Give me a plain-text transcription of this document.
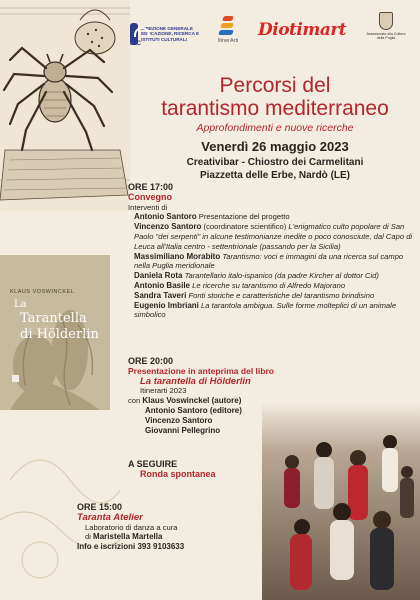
KLAUS VOSWINCKEL
La
Tarantella
di Hölderlin
DIREZIONE GENERALE EDUCAZIONE, RICERCA E ISTITUTI CULTURALI
MiC	ItinerArti
Diotimart	Assessorato alla Cultura della Puglia
Percorsi del
tarantismo mediterraneo
Approfondimenti e nuove ricerche
Venerdì 26 maggio 2023
Creativibar - Chiostro dei Carmelitani
Piazzetta delle Erbe, Nardò (LE)
ORE 17:00
Convegno
Interventi di
Antonio Santoro Presentazione del progetto
Vincenzo Santoro (coordinatore scientifico) L'enigmatico culto popolare di San Paolo "dei serpenti" in alcune testimonianze inedite o poco conosciute, dal Capo di Leuca all'Italia centro - settentrionale (passando per la Sicilia)
Massimiliano Morabito Tarantismo: voci e immagini da una ricerca sul campo nella Puglia meridionale
Daniela Rota Tarantellario italo-ispanico (da padre Kircher al dottor Cid)
Antonio Basile Le ricerche su tarantismo di Alfredo Majorano
Sandra Taveri Fonti storiche e caratteristiche del tarantismo brindisino
Eugenio Imbriani La tarantola ambigua. Sulle forme molteplici di un animale simbolico
ORE 20:00
Presentazione in anteprima del libro
La tarantella di Hölderlin
Itinerarti 2023
con Klaus Voswinckel (autore)
Antonio Santoro (editore)
Vincenzo Santoro
Giovanni Pellegrino
A SEGUIRE
Ronda spontanea
ORE 15:00
Taranta Atelier
Laboratorio di danza a cura
di Maristella Martella
Info e iscrizioni 393 9103633
